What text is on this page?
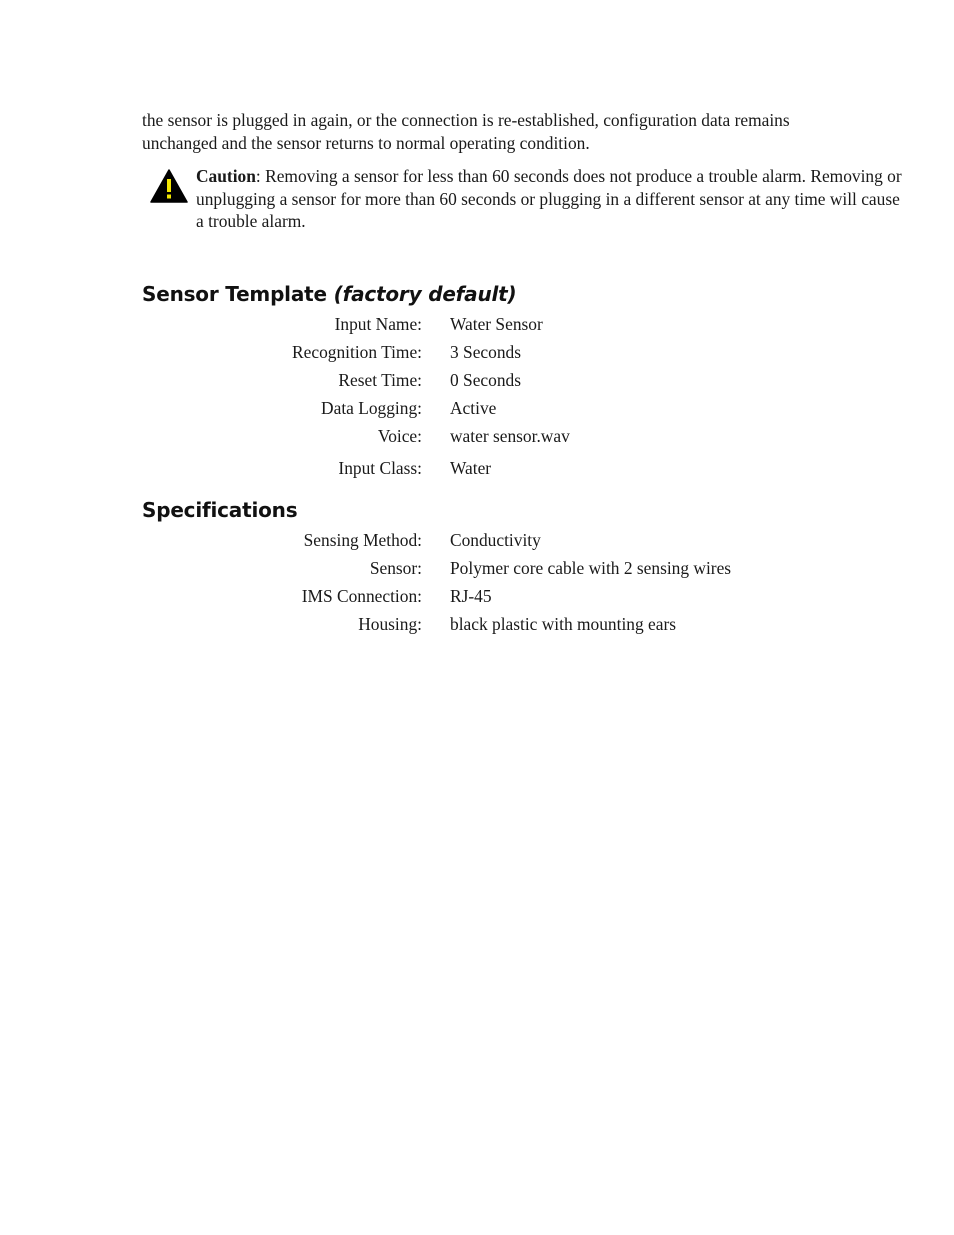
the sensor is plugged in again, or the connection is re-established, configuration data remains
unchanged and the sensor returns to normal operating condition.

Caution: Removing a sensor for less than 60 seconds does not produce a trouble alarm. Removing or unplugging a sensor for more than 60 seconds or plugging in a different sensor at any time will cause a trouble alarm.
Sensor Template (factory default)
Input Name: Water Sensor
Recognition Time: 3 Seconds
Reset Time: 0 Seconds
Data Logging: Active
Voice: water sensor.wav
Input Class: Water
Specifications
Sensing Method: Conductivity
Sensor: Polymer core cable with 2 sensing wires
IMS Connection: RJ-45
Housing: black plastic with mounting ears
